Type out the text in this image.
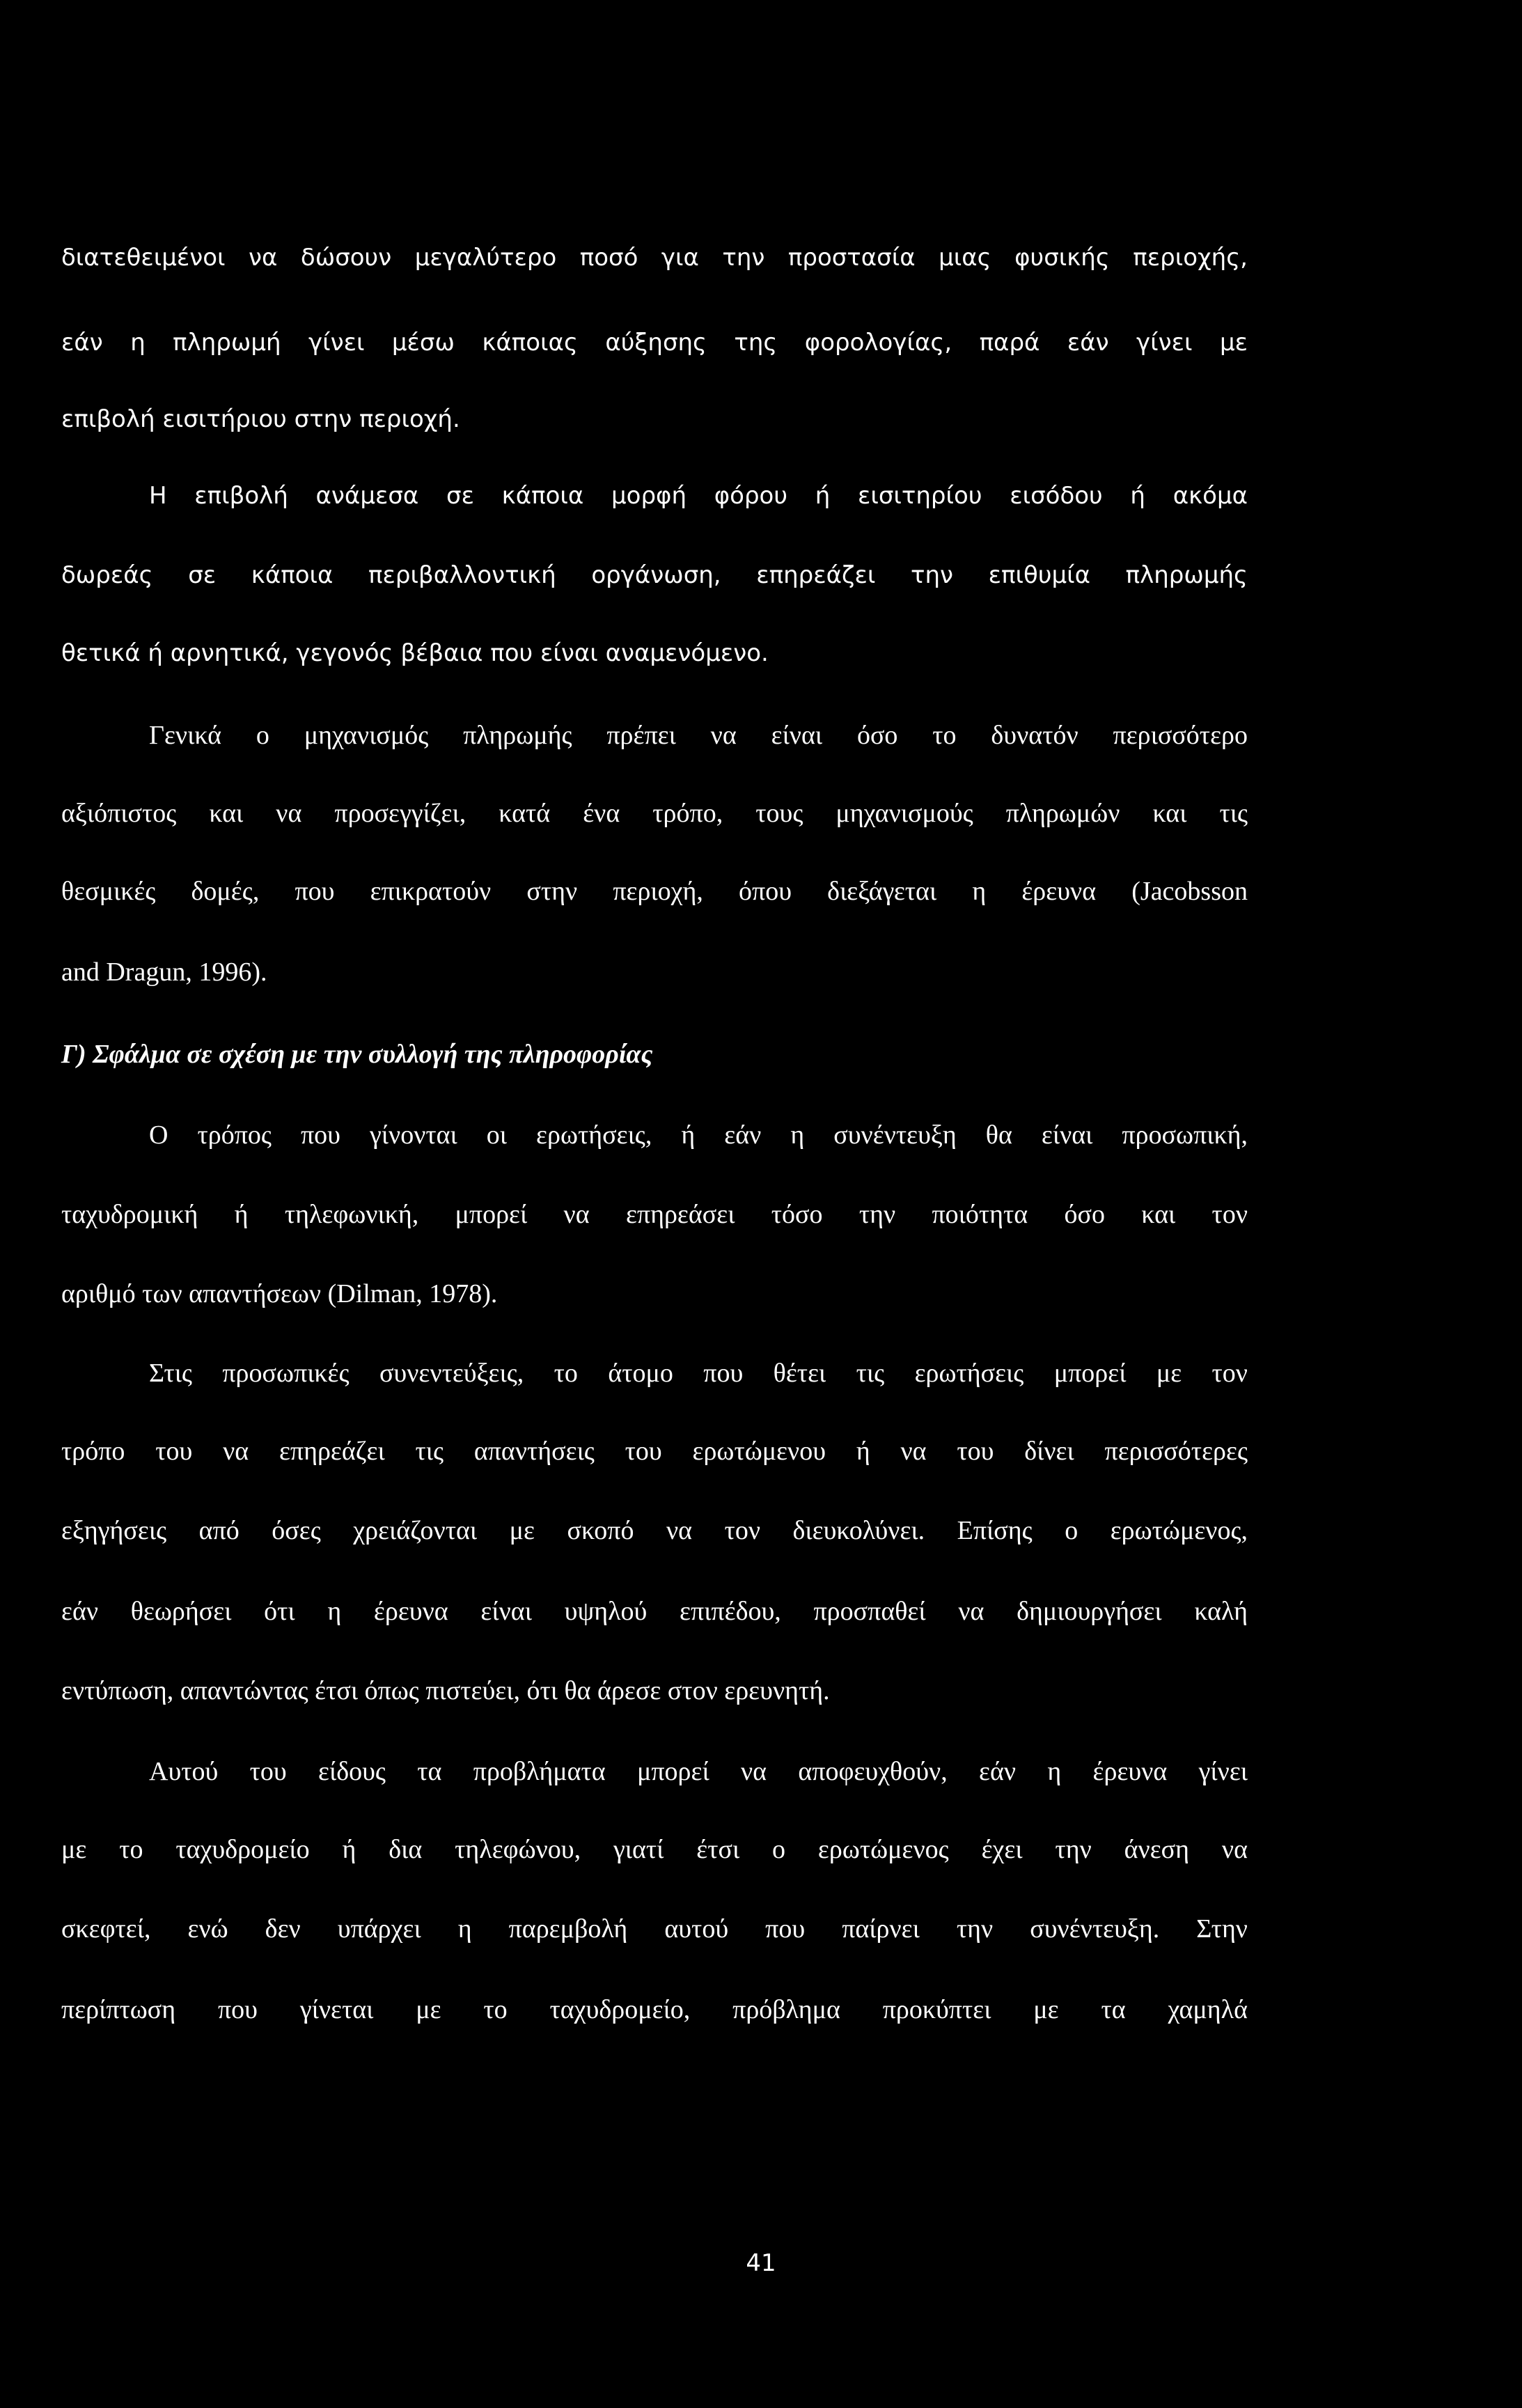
διατεθειμένοι να δώσουν μεγαλύτερο ποσό για την προστασία μιας φυσικής περιοχής,
εάν η πληρωμή γίνει μέσω κάποιας αύξησης της φορολογίας, παρά εάν γίνει με
επιβολή εισιτήριου στην περιοχή.
Η επιβολή ανάμεσα σε κάποια μορφή φόρου ή εισιτηρίου εισόδου ή ακόμα
δωρεάς σε κάποια περιβαλλοντική οργάνωση, επηρεάζει την επιθυμία πληρωμής
θετικά ή αρνητικά, γεγονός βέβαια που είναι αναμενόμενο.
Γενικά ο μηχανισμός πληρωμής πρέπει να είναι όσο το δυνατόν περισσότερο
αξιόπιστος και να προσεγγίζει, κατά ένα τρόπο, τους μηχανισμούς πληρωμών και τις
θεσμικές δομές, που επικρατούν στην περιοχή, όπου διεξάγεται η έρευνα (Jacobsson
and Dragun, 1996).
Γ) Σφάλμα σε σχέση με την συλλογή της πληροφορίας
Ο τρόπος που γίνονται οι ερωτήσεις, ή εάν η συνέντευξη θα είναι προσωπική,
ταχυδρομική ή τηλεφωνική, μπορεί να επηρεάσει τόσο την ποιότητα όσο και τον
αριθμό των απαντήσεων (Dilman, 1978).
Στις προσωπικές συνεντεύξεις, το άτομο που θέτει τις ερωτήσεις μπορεί με τον
τρόπο του να επηρεάζει τις απαντήσεις του ερωτώμενου ή να του δίνει περισσότερες
εξηγήσεις από όσες χρειάζονται με σκοπό να τον διευκολύνει. Επίσης ο ερωτώμενος,
εάν θεωρήσει ότι η έρευνα είναι υψηλού επιπέδου, προσπαθεί να δημιουργήσει καλή
εντύπωση, απαντώντας έτσι όπως πιστεύει, ότι θα άρεσε στον ερευνητή.
Αυτού του είδους τα προβλήματα μπορεί να αποφευχθούν, εάν η έρευνα γίνει
με το ταχυδρομείο ή δια τηλεφώνου, γιατί έτσι ο ερωτώμενος έχει την άνεση να
σκεφτεί, ενώ δεν υπάρχει η παρεμβολή αυτού που παίρνει την συνέντευξη. Στην
περίπτωση που γίνεται με το ταχυδρομείο, πρόβλημα προκύπτει με τα χαμηλά
41
